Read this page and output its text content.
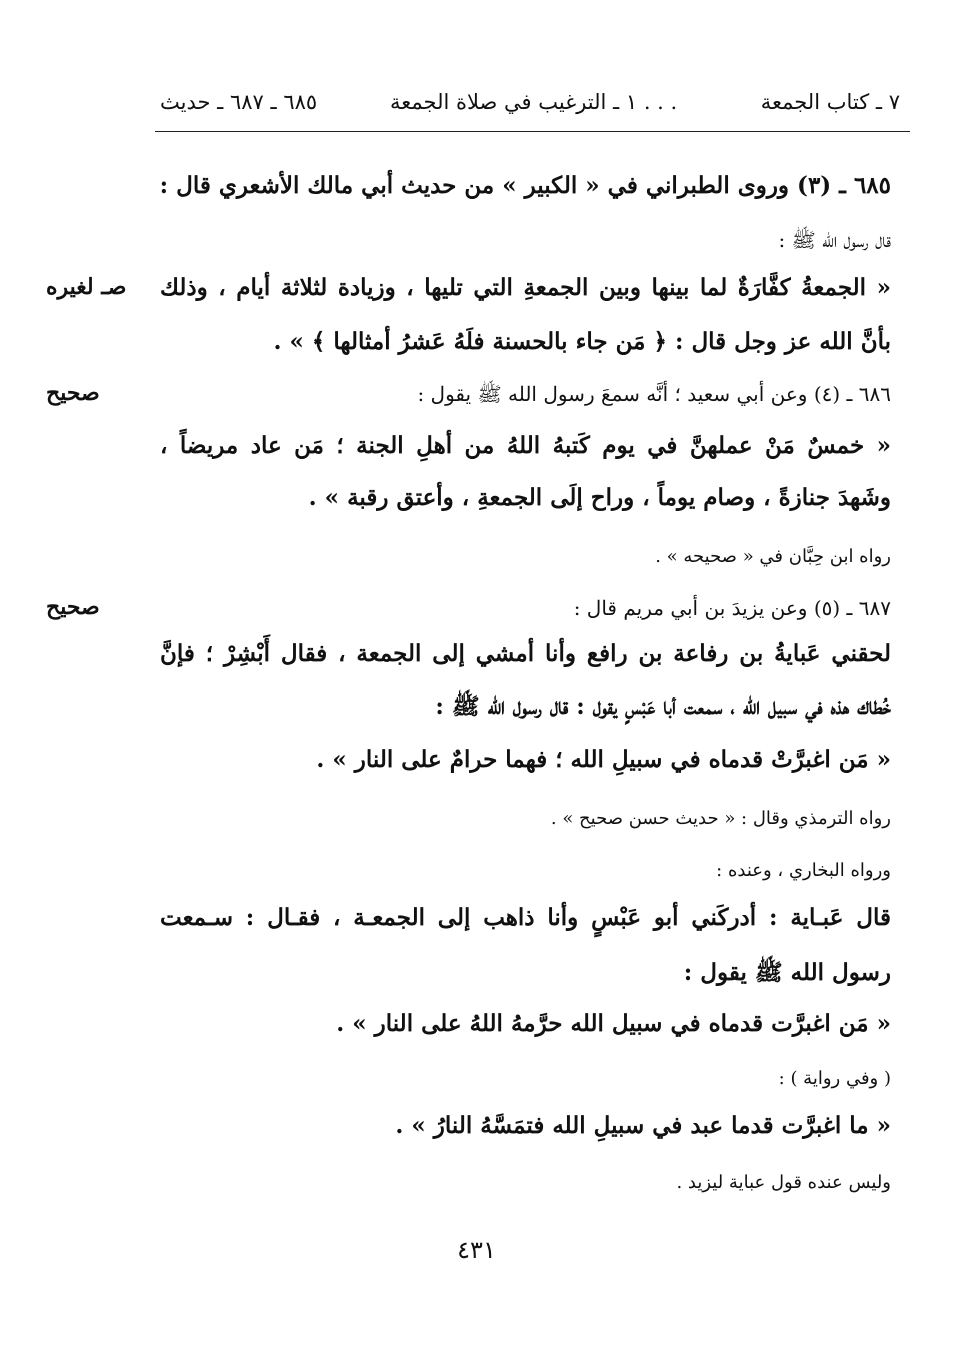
٧ ـ كتاب الجمعة
١ ـ الترغيب في صلاة الجمعة . . .
٦٨٥ ـ ٦٨٧ ـ حديث
٦٨٥ ـ (٣) وروى الطبراني في « الكبير » من حديث أبي مالك الأشعري قال :
قال رسول الله ﷺ :
« الجمعةُ كفَّارَةٌ لما بينها وبين الجمعةِ التي تليها ، وزيادة لثلاثة أيام ، وذلك
بأنَّ الله عز وجل قال : ﴿ مَن جاء بالحسنة فلَهُ عَشرُ أمثالها ﴾ » .
صـ لغيره
٦٨٦ ـ (٤) وعن أبي سعيد ؛ أنَّه سمعَ رسول الله ﷺ يقول :
صحيح
« خمسٌ مَنْ عملهنَّ في يوم كَتبهُ اللهُ من أهلِ الجنة ؛ مَن عاد مريضاً ،
وشَهدَ جنازةً ، وصام يوماً ، وراح إلَى الجمعةِ ، وأعتق رقبة » .
رواه ابن حِبَّان في « صحيحه » .
٦٨٧ ـ (٥) وعن يزيدَ بن أبي مريم قال :
صحيح
لحقني عَبايةُ بن رفاعة بن رافع وأنا أمشي إلى الجمعة ، فقال أَبْشِرْ ؛ فإنَّ
خُطاك هذه في سبيل الله ، سمعت أبا عَبْسٍ يقول : قال رسول الله ﷺ :
« مَن اغبرَّتْ قدماه في سبيلِ الله ؛ فهما حرامٌ على النار » .
رواه الترمذي وقال : « حديث حسن صحيح » .
ورواه البخاري ، وعنده :
قال عَبـاية : أدركَني أبو عَبْسٍ وأنا ذاهب إلى الجمعـة ، فقـال : سـمعت
رسول الله ﷺ يقول :
« مَن اغبرَّت قدماه في سبيل الله حرَّمهُ اللهُ على النار » .
( وفي رواية ) :
« ما اغبرَّت قدما عبد في سبيلِ الله فتمَسَّهُ النارُ » .
وليس عنده قول عباية ليزيد .
٤٣١
